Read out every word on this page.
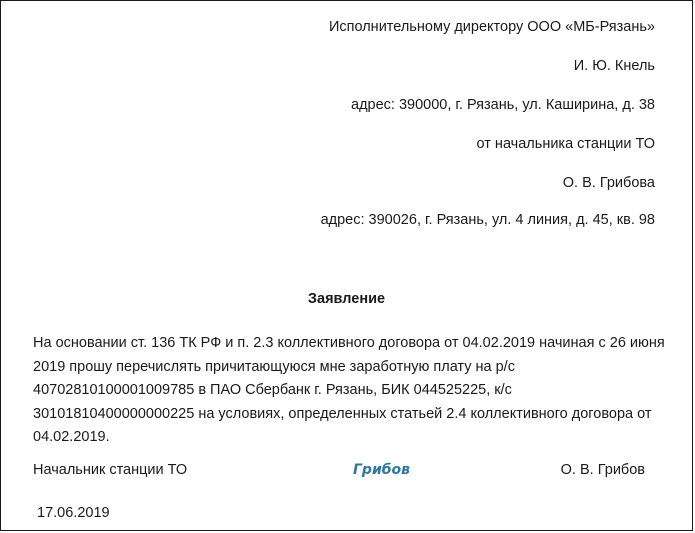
Исполнительному директору ООО «МБ-Рязань»
И. Ю. Кнель
адрес: 390000, г. Рязань, ул. Каширина, д. 38
от начальника станции ТО
О. В. Грибова
адрес: 390026, г. Рязань, ул. 4 линия, д. 45, кв. 98
Заявление
На основании ст. 136 ТК РФ и п. 2.3 коллективного договора от 04.02.2019 начиная с 26 июня 2019 прошу перечислять причитающуюся мне заработную плату на р/с 40702810100001009785 в ПАО Сбербанк г. Рязань, БИК 044525225, к/с 30101810400000000225 на условиях, определенных статьей 2.4 коллективного договора от 04.02.2019.
Начальник станции ТО	Грибов	О. В. Грибов
17.06.2019
